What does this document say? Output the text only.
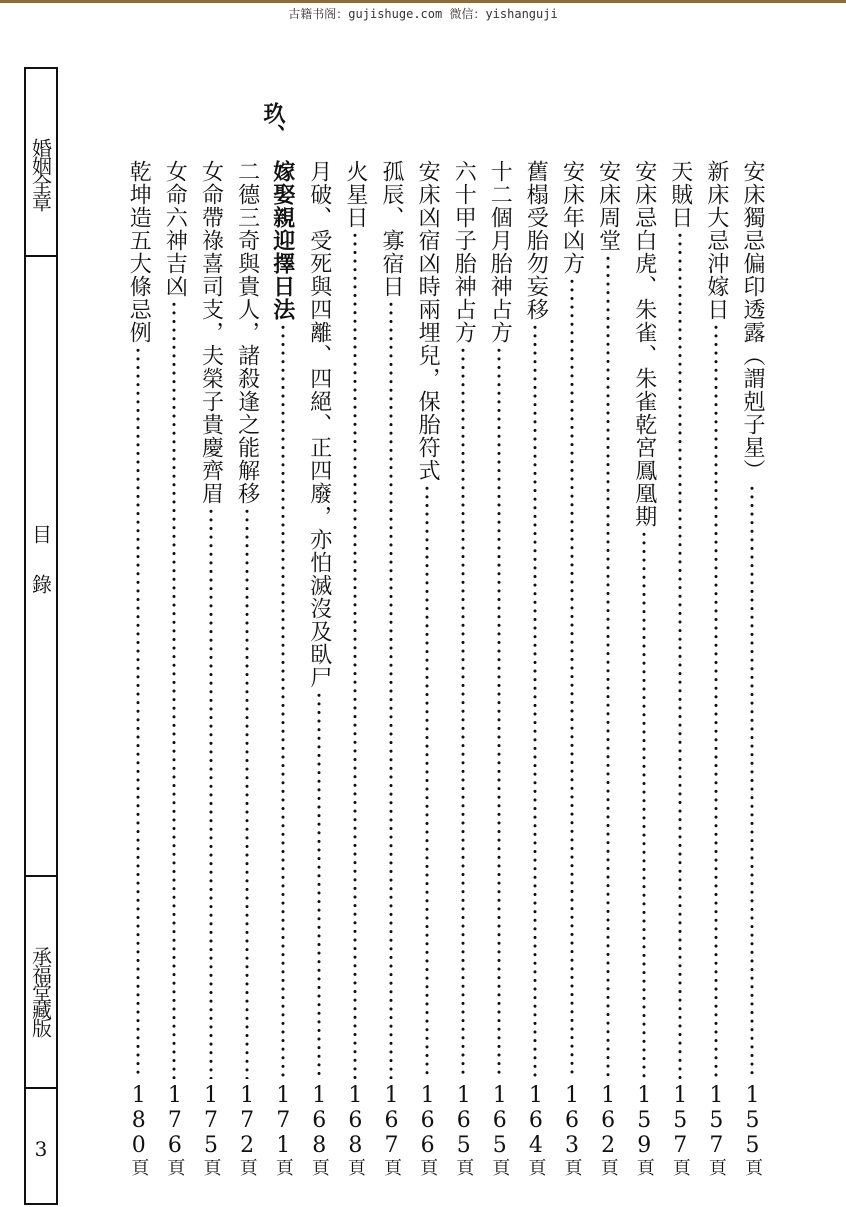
古籍书阁：gujishuge.com 微信：yishanguji
婚姻全章
目錄
承福堂藏版
3
玖、
安床獨忌偏印透露（謂剋子星）
155
頁
新床大忌沖嫁日
157
頁
天賊日
157
頁
安床忌白虎、朱雀、朱雀乾宮鳳凰期
159
頁
安床周堂
162
頁
安床年凶方
163
頁
舊榻受胎勿妄移
164
頁
十二個月胎神占方
165
頁
六十甲子胎神占方
165
頁
安床凶宿凶時兩埋兒，保胎符式
166
頁
孤辰、寡宿日
167
頁
火星日
168
頁
月破、受死與四離、四絕、正四廢，亦怕滅沒及臥尸
168
頁
嫁娶親迎擇日法
171
頁
二德三奇與貴人，諸殺逢之能解移
172
頁
女命帶祿喜司支，夫榮子貴慶齊眉
175
頁
女命六神吉凶
176
頁
乾坤造五大條忌例
180
頁
